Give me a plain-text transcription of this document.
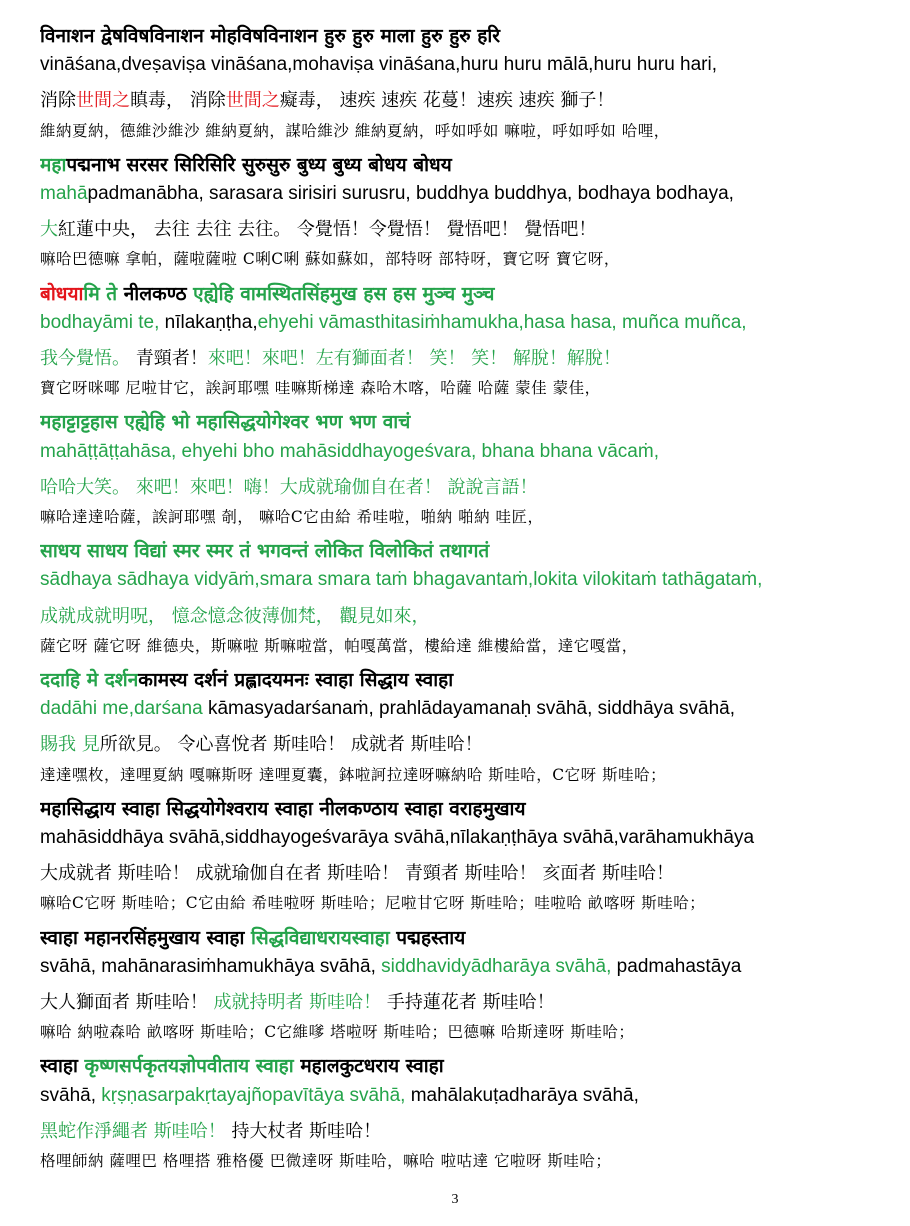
3
विनाशन द्वेषविषविनाशन मोहविषविनाशन हुरु हुरु माला हुरु हुरु हरि
vināśana,dveṣaviṣa vināśana,mohaviṣa vināśana,huru huru mālā,huru huru hari,
消除世間之瞋毒， 消除世間之癡毒， 速疾 速疾 花蔓！速疾 速疾 獅子！
維納夏納，德維沙維沙 維納夏納，謀哈維沙 維納夏納，呼如呼如 嘛啦，呼如呼如 哈哩，
महापद्मनाभ सरसर सिरिसिरि सुरुसुरु बुध्य बुध्य बोधय बोधय
mahāpadmanābha, sarasara sirisiri surusru, buddhya buddhya, bodhaya bodhaya,
大紅蓮中央， 去往 去往 去往。 令覺悟！令覺悟！ 覺悟吧！ 覺悟吧！
嘛哈巴德嘛 拿帕，薩啦薩啦 C唎C唎 蘇如蘇如，部特呀 部特呀，寶它呀 寶它呀，
बोधयामि ते नीलकण्ठ एह्येहि वामस्थितसिंहमुख हस हस मुञ्च मुञ्च
bodhayāmi te, nīlakaṇṭha,ehyehi vāmasthitasiṁhamukha,hasa hasa, muñca muñca,
我今覺悟。 青頸者！來吧！來吧！左有獅面者！ 笑！ 笑！ 解脫！解脫！
寶它呀咪㖿 尼啦甘它，誒訶耶嘿 哇嘛斯梯達 森哈木喀，哈薩 哈薩 蒙佳 蒙佳，
महाट्टाट्टहास एह्येहि भो महासिद्धयोगेश्वर भण भण वाचं
mahāṭṭāṭṭahāsa, ehyehi bho mahāsiddhayogeśvara, bhana bhana vācaṁ,
哈哈大笑。 來吧！來吧！嗨！大成就瑜伽自在者！ 說說言語！
嘛哈達達哈薩，誒訶耶嘿 剞， 嘛哈C它由給 希哇啦，啪納 啪納 哇匠，
साधय साधय विद्यां स्मर स्मर तं भगवन्तं लोकित विलोकितं तथागतं
sādhaya sādhaya vidyāṁ,smara smara taṁ bhagavantaṁ,lokita vilokitaṁ tathāgataṁ,
成就成就明呪， 憶念憶念彼薄伽梵， 觀見如來，
薩它呀 薩它呀 維德央，斯嘛啦 斯嘛啦當，帕嘎萬當，樓給達 維樓給當，達它嘎當，
ददाहि मे दर्शनकामस्य दर्शनं प्रह्लादयमनः स्वाहा सिद्धाय स्वाहा
dadāhi me,darśana kāmasyadarśanaṁ, prahlādayamanaḥ svāhā, siddhāya svāhā,
賜我 見所欲見。 令心喜悅者 斯哇哈！ 成就者 斯哇哈！
達達嘿枚，達哩夏納 嘎嘛斯呀 達哩夏囊，鉢啦訶拉達呀嘛納哈 斯哇哈，C它呀 斯哇哈；
महासिद्धाय स्वाहा सिद्धयोगेश्वराय स्वाहा नीलकण्ठाय स्वाहा वराहमुखाय
mahāsiddhāya svāhā,siddhayogeśvarāya svāhā,nīlakaṇṭhāya svāhā,varāhamukhāya
大成就者 斯哇哈！ 成就瑜伽自在者 斯哇哈！ 青頸者 斯哇哈！ 亥面者 斯哇哈！
嘛哈C它呀 斯哇哈；C它由給 希哇啦呀 斯哇哈；尼啦甘它呀 斯哇哈；哇啦哈 畝喀呀 斯哇哈；
स्वाहा महानरसिंहमुखाय स्वाहा सिद्धविद्याधरायस्वाहा पद्महस्ताय
svāhā, mahānarasiṁhamukhāya svāhā, siddhavidyādharāya svāhā, padmahastāya
大人獅面者 斯哇哈！ 成就持明者 斯哇哈！ 手持蓮花者 斯哇哈！
嘛哈 納啦森哈 畝喀呀 斯哇哈；C它維嗲 塔啦呀 斯哇哈；巴德嘛 哈斯達呀 斯哇哈；
स्वाहा कृष्णसर्पकृतयज्ञोपवीताय स्वाहा महालकुटधराय स्वाहा
svāhā, kṛṣṇasarpakṛtayajñopavītāya svāhā, mahālakuṭadharāya svāhā,
黑蛇作淨繩者 斯哇哈！ 持大杖者 斯哇哈！
格哩師納 薩哩巴 格哩搭 雅格優 巴微達呀 斯哇哈，嘛哈 啦咕達 它啦呀 斯哇哈；
